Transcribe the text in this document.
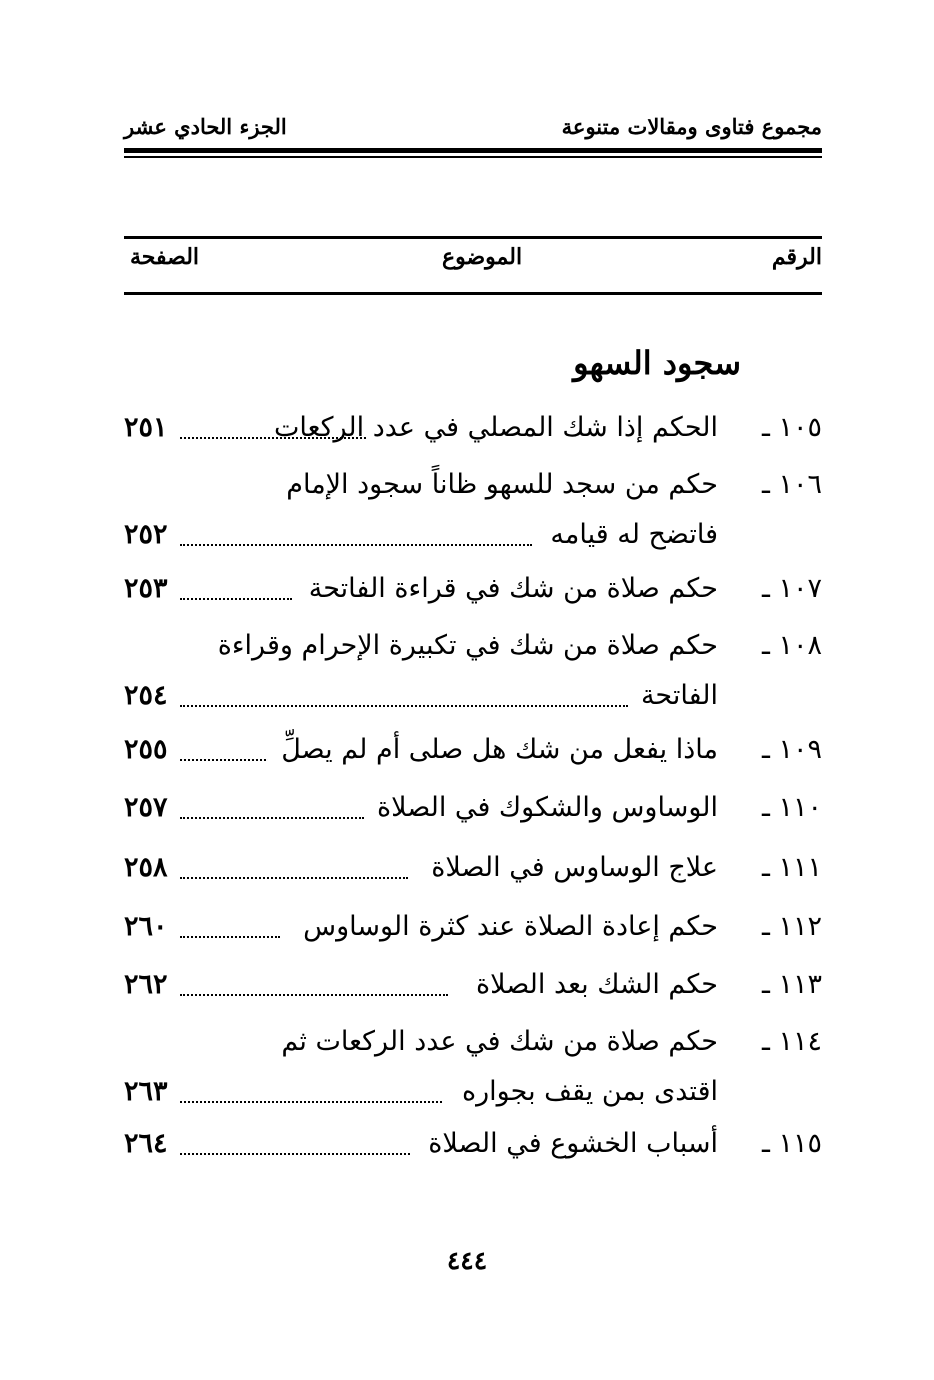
مجموع فتاوى ومقالات متنوعة
الجزء الحادي عشر
الرقم
الموضوع
الصفحة
سجود السهو
١٠٥ ـ
الحكم إذا شك المصلي في عدد الركعات
٢٥١
١٠٦ ـ
حكم من سجد للسهو ظاناً سجود الإمام
فاتضح له قيامه
٢٥٢
١٠٧ ـ
حكم صلاة من شك في قراءة الفاتحة
٢٥٣
١٠٨ ـ
حكم صلاة من شك في تكبيرة الإحرام وقراءة
الفاتحة
٢٥٤
١٠٩ ـ
ماذا يفعل من شك هل صلى أم لم يصلِّ
٢٥٥
١١٠ ـ
الوساوس والشكوك في الصلاة
٢٥٧
١١١ ـ
علاج الوساوس في الصلاة
٢٥٨
١١٢ ـ
حكم إعادة الصلاة عند كثرة الوساوس
٢٦٠
١١٣ ـ
حكم الشك بعد الصلاة
٢٦٢
١١٤ ـ
حكم صلاة من شك في عدد الركعات ثم
اقتدى بمن يقف بجواره
٢٦٣
١١٥ ـ
أسباب الخشوع في الصلاة
٢٦٤
٤٤٤
